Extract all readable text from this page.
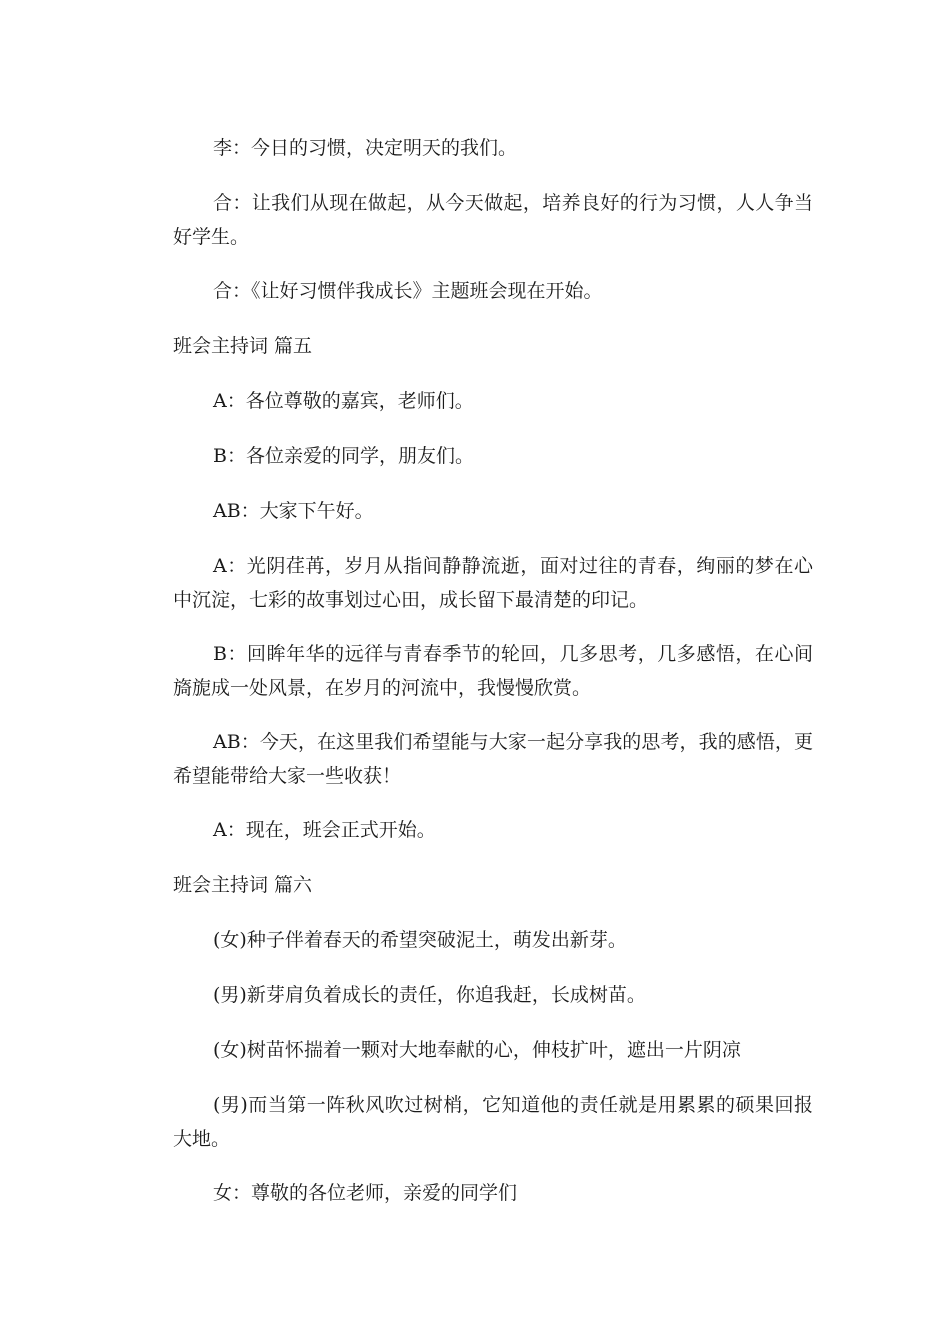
李：今日的习惯，决定明天的我们。

合：让我们从现在做起，从今天做起，培养良好的行为习惯，人人争当好学生。

合：《让好习惯伴我成长》主题班会现在开始。

班会主持词 篇五

A：各位尊敬的嘉宾，老师们。

B：各位亲爱的同学，朋友们。

AB：大家下午好。

A：光阴荏苒，岁月从指间静静流逝，面对过往的青春，绚丽的梦在心中沉淀，七彩的故事划过心田，成长留下最清楚的印记。

B：回眸年华的远徉与青春季节的轮回，几多思考，几多感悟，在心间旖旎成一处风景，在岁月的河流中，我慢慢欣赏。

AB：今天，在这里我们希望能与大家一起分享我的思考，我的感悟，更希望能带给大家一些收获！

A：现在，班会正式开始。

班会主持词 篇六

(女)种子伴着春天的希望突破泥土，萌发出新芽。

(男)新芽肩负着成长的责任，你追我赶，长成树苗。

(女)树苗怀揣着一颗对大地奉献的心，伸枝扩叶，遮出一片阴凉

(男)而当第一阵秋风吹过树梢，它知道他的责任就是用累累的硕果回报大地。

女：尊敬的各位老师，亲爱的同学们
